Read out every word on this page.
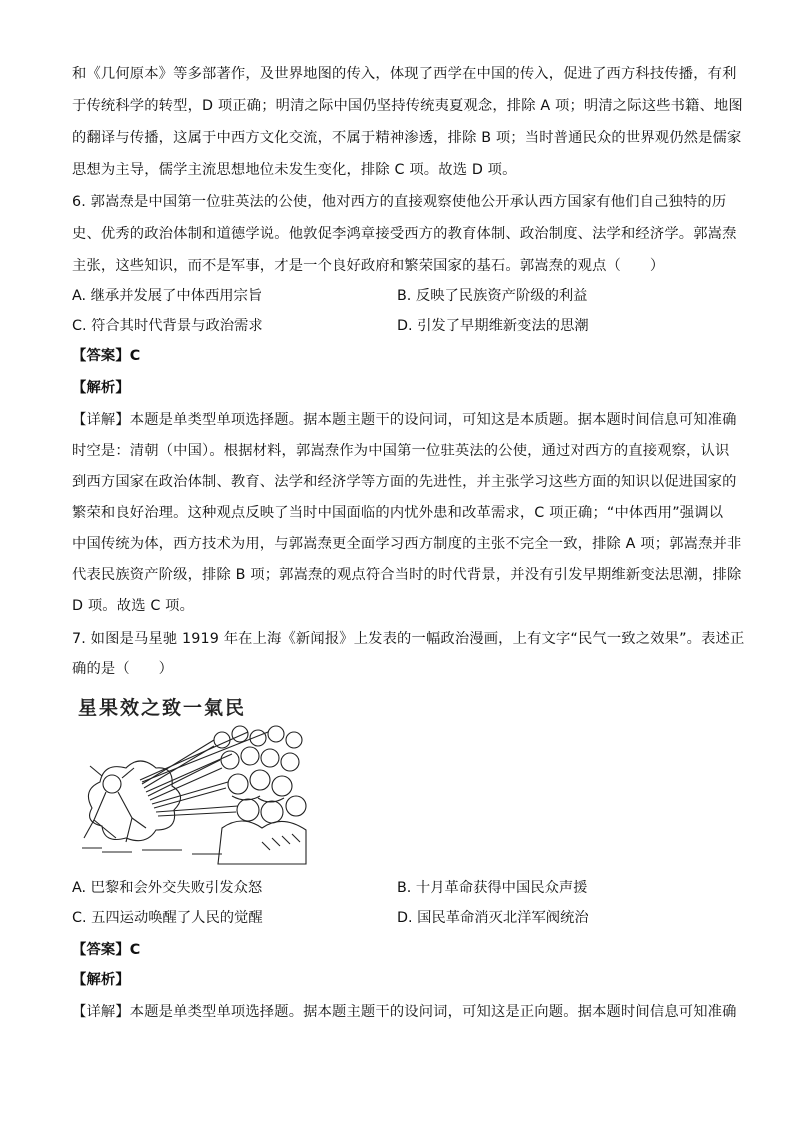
和《几何原本》等多部著作，及世界地图的传入，体现了西学在中国的传入，促进了西方科技传播，有利
于传统科学的转型，D 项正确；明清之际中国仍坚持传统夷夏观念，排除 A 项；明清之际这些书籍、地图
的翻译与传播，这属于中西方文化交流，不属于精神渗透，排除 B 项；当时普通民众的世界观仍然是儒家
思想为主导，儒学主流思想地位未发生变化，排除 C 项。故选 D 项。
6. 郭嵩焘是中国第一位驻英法的公使，他对西方的直接观察使他公开承认西方国家有他们自己独特的历
史、优秀的政治体制和道德学说。他敦促李鸿章接受西方的教育体制、政治制度、法学和经济学。郭嵩焘
主张，这些知识，而不是军事，才是一个良好政府和繁荣国家的基石。郭嵩焘的观点（　　）
A. 继承并发展了中体西用宗旨	B. 反映了民族资产阶级的利益
C. 符合其时代背景与政治需求	D. 引发了早期维新变法的思潮
【答案】C
【解析】
【详解】本题是单类型单项选择题。据本题主题干的设问词，可知这是本质题。据本题时间信息可知准确
时空是：清朝（中国）。根据材料，郭嵩焘作为中国第一位驻英法的公使，通过对西方的直接观察，认识
到西方国家在政治体制、教育、法学和经济学等方面的先进性，并主张学习这些方面的知识以促进国家的
繁荣和良好治理。这种观点反映了当时中国面临的内忧外患和改革需求，C 项正确；“中体西用”强调以
中国传统为体，西方技术为用，与郭嵩焘更全面学习西方制度的主张不完全一致，排除 A 项；郭嵩焘并非
代表民族资产阶级，排除 B 项；郭嵩焘的观点符合当时的时代背景，并没有引发早期维新变法思潮，排除
D 项。故选 C 项。
7. 如图是马星驰 1919 年在上海《新闻报》上发表的一幅政治漫画，上有文字“民气一致之效果”。表述正
确的是（　　）
星果效之致一氣民
A. 巴黎和会外交失败引发众怒	B. 十月革命获得中国民众声援
C. 五四运动唤醒了人民的觉醒	D. 国民革命消灭北洋军阀统治
【答案】C
【解析】
【详解】本题是单类型单项选择题。据本题主题干的设问词，可知这是正向题。据本题时间信息可知准确
